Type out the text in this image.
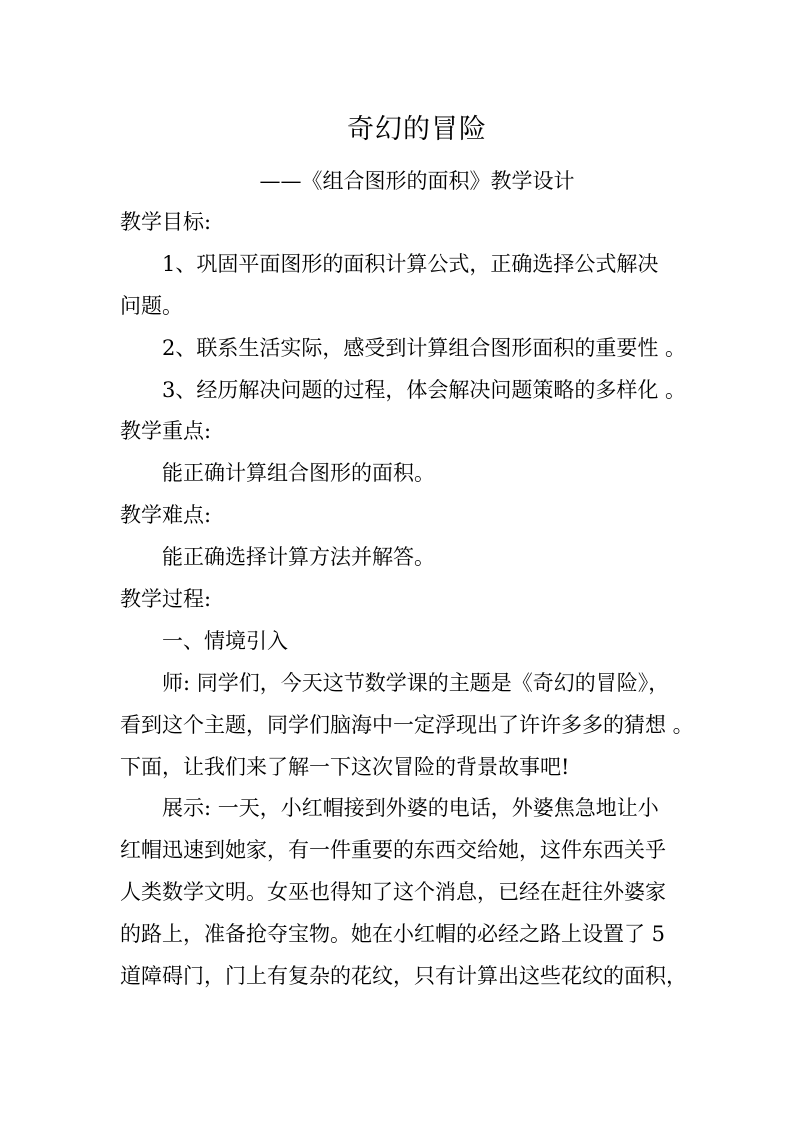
奇幻的冒险
——《组合图形的面积》教学设计
教学目标:
1、巩固平面图形的面积计算公式，正确选择公式解决
问题。
2、联系生活实际，感受到计算组合图形面积的重要性 。
3、经历解决问题的过程，体会解决问题策略的多样化 。
教学重点:
能正确计算组合图形的面积。
教学难点:
能正确选择计算方法并解答。
教学过程:
一、情境引入
师: 同学们，今天这节数学课的主题是《奇幻的冒险》，
看到这个主题，同学们脑海中一定浮现出了许许多多的猜想 。
下面，让我们来了解一下这次冒险的背景故事吧!
展示: 一天，小红帽接到外婆的电话，外婆焦急地让小
红帽迅速到她家，有一件重要的东西交给她，这件东西关乎
人类数学文明。女巫也得知了这个消息，已经在赶往外婆家
的路上，准备抢夺宝物。她在小红帽的必经之路上设置了 5
道障碍门，门上有复杂的花纹，只有计算出这些花纹的面积，
